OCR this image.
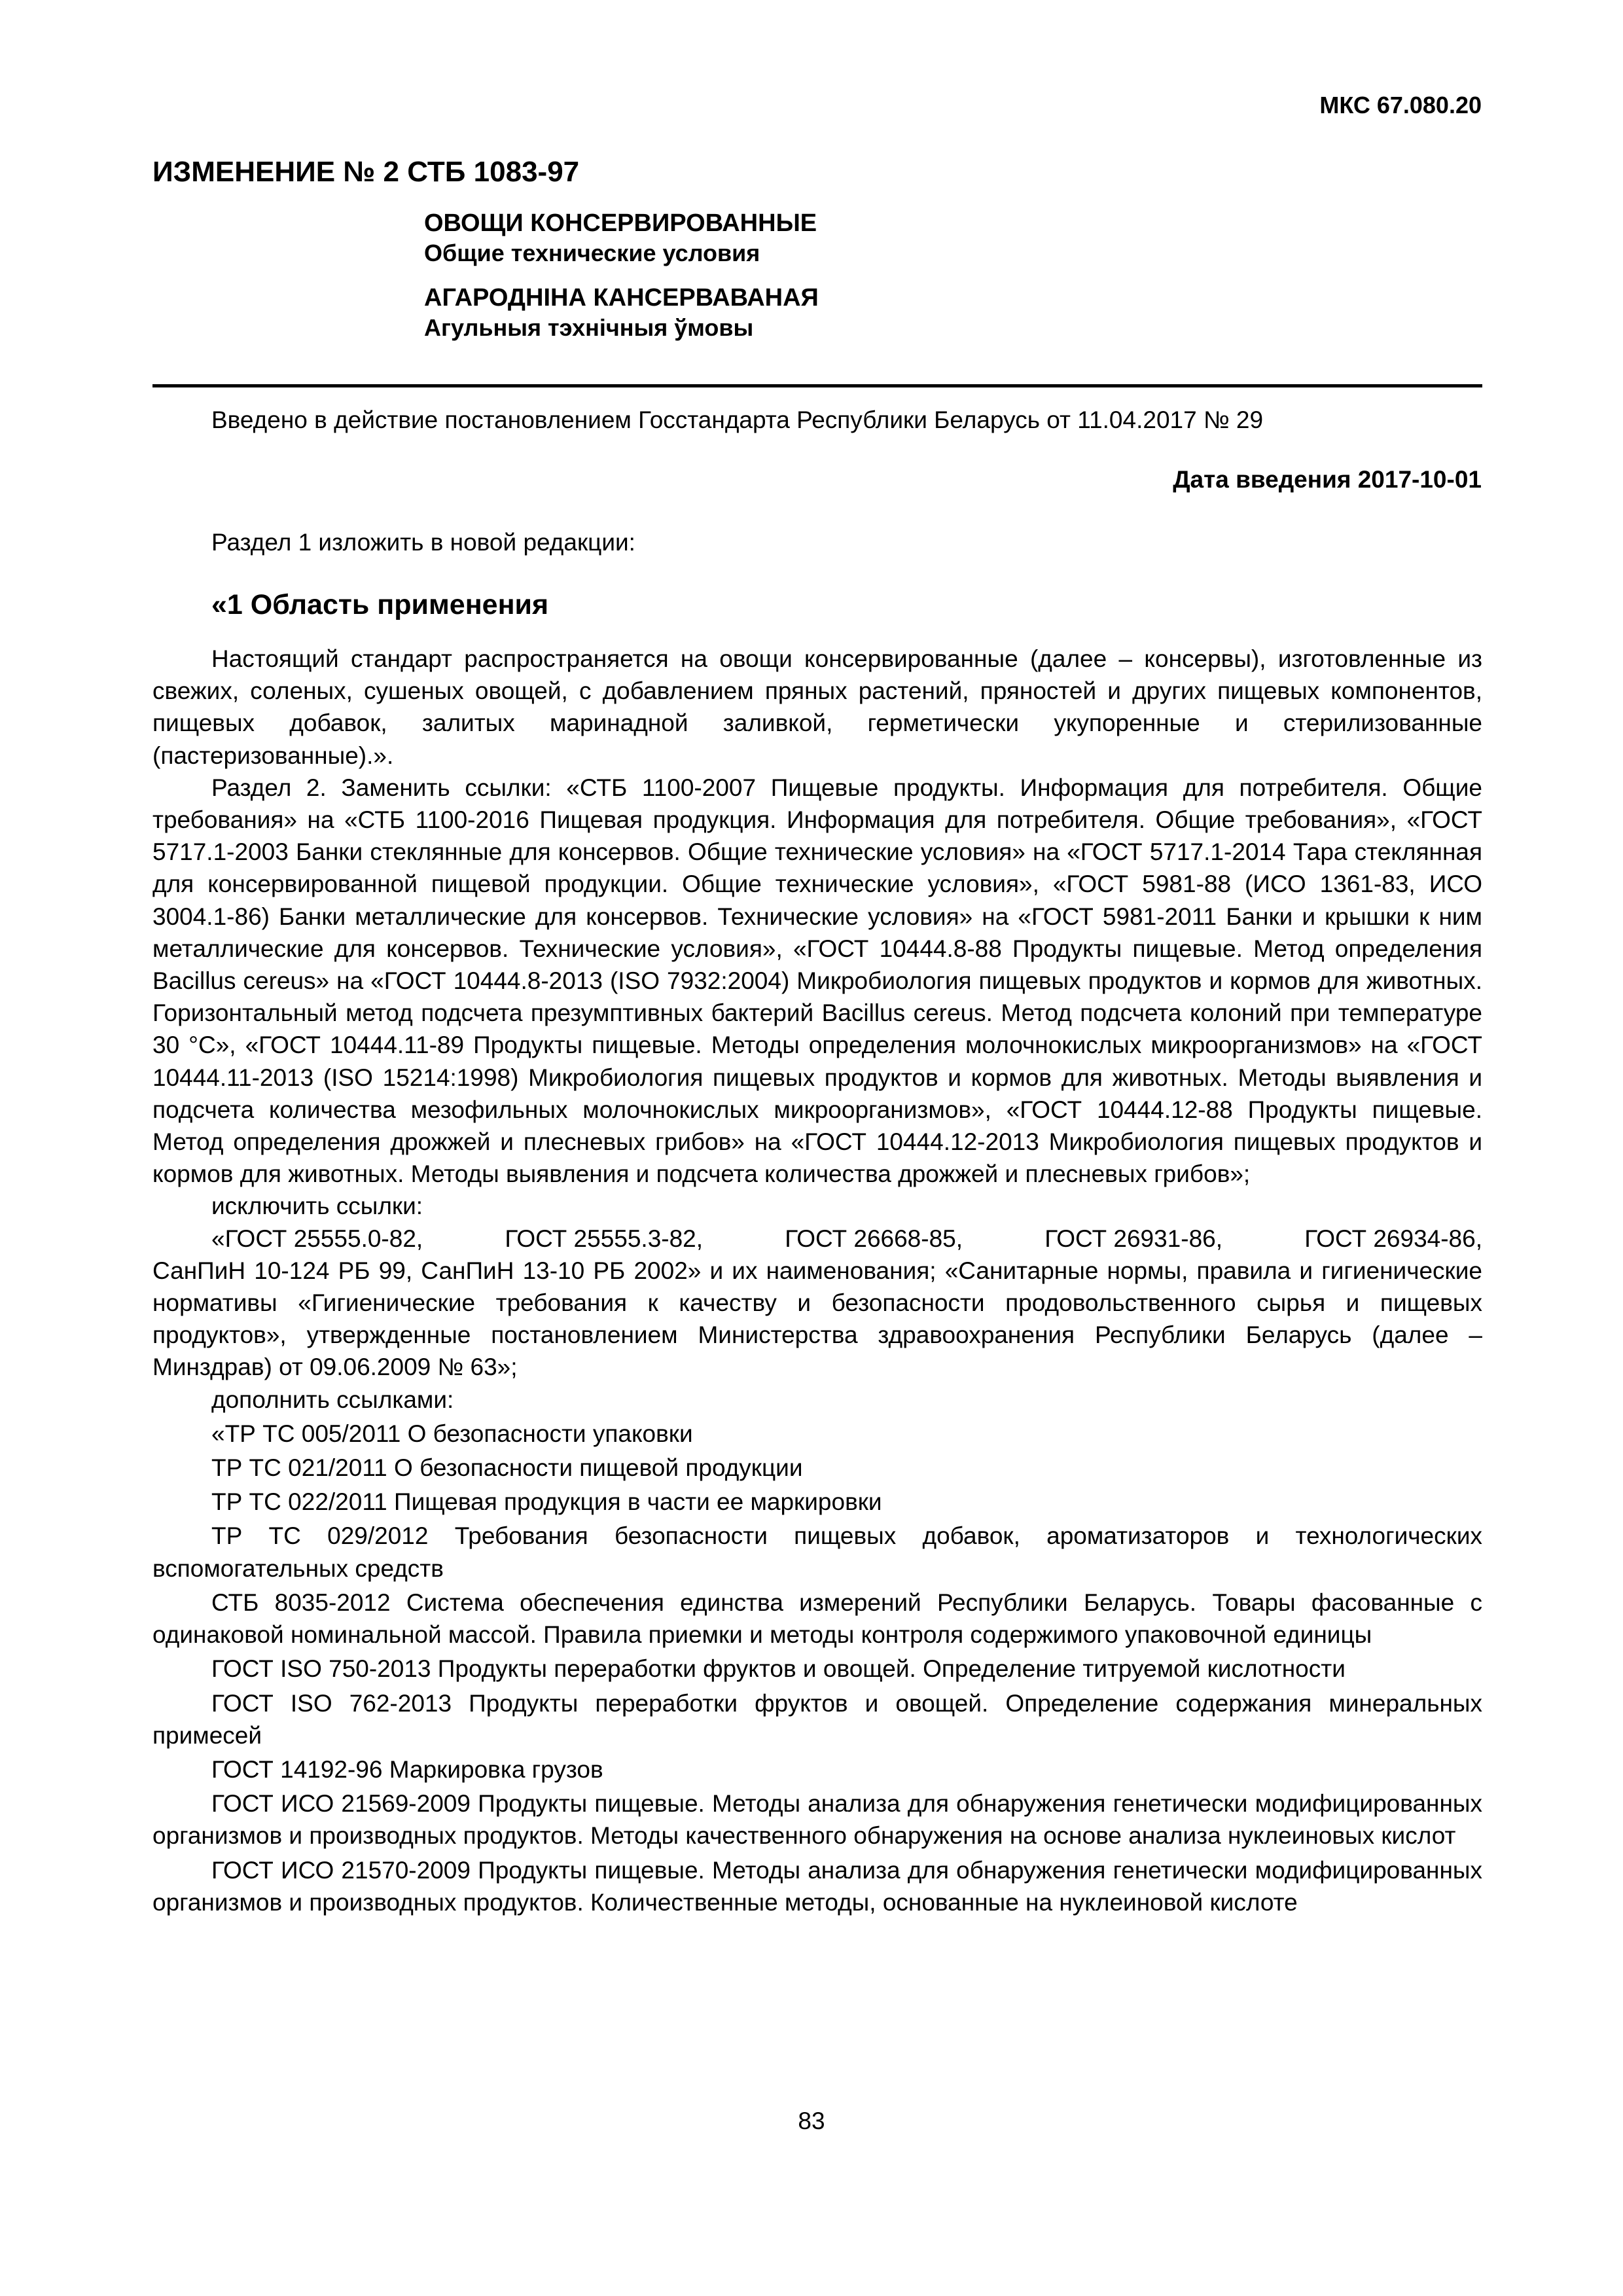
МКС 67.080.20
ИЗМЕНЕНИЕ № 2 СТБ 1083-97
ОВОЩИ КОНСЕРВИРОВАННЫЕ
Общие технические условия
АГАРОДНІНА КАНСЕРВАВАНАЯ
Агульныя тэхнічныя ўмовы
Введено в действие постановлением Госстандарта Республики Беларусь от 11.04.2017 № 29
Дата введения 2017-10-01
Раздел 1 изложить в новой редакции:
«1 Область применения

Настоящий стандарт распространяется на овощи консервированные (далее – консервы), изготовленные из свежих, соленых, сушеных овощей, с добавлением пряных растений, пряностей и других пищевых компонентов, пищевых добавок, залитых маринадной заливкой, герметически укупоренные и стерилизованные (пастеризованные).».

Раздел 2. Заменить ссылки: «СТБ 1100-2007 Пищевые продукты. Информация для потребителя. Общие требования» на «СТБ 1100-2016 Пищевая продукция. Информация для потребителя. Общие требования», «ГОСТ 5717.1-2003 Банки стеклянные для консервов. Общие технические условия» на «ГОСТ 5717.1-2014 Тара стеклянная для консервированной пищевой продукции. Общие технические условия», «ГОСТ 5981-88 (ИСО 1361-83, ИСО 3004.1-86) Банки металлические для консервов. Технические условия» на «ГОСТ 5981-2011 Банки и крышки к ним металлические для консервов. Технические условия», «ГОСТ 10444.8-88 Продукты пищевые. Метод определения Bacillus cereus» на «ГОСТ 10444.8-2013 (ISO 7932:2004) Микробиология пищевых продуктов и кормов для животных. Горизонтальный метод подсчета презумптивных бактерий Bacillus cereus. Метод подсчета колоний при температуре 30 °С», «ГОСТ 10444.11-89 Продукты пищевые. Методы определения молочнокислых микроорганизмов» на «ГОСТ 10444.11-2013 (ISO 15214:1998) Микробиология пищевых продуктов и кормов для животных. Методы выявления и подсчета количества мезофильных молочнокислых микроорганизмов», «ГОСТ 10444.12-88 Продукты пищевые. Метод определения дрожжей и плесневых грибов» на «ГОСТ 10444.12-2013 Микробиология пищевых продуктов и кормов для животных. Методы выявления и подсчета количества дрожжей и плесневых грибов»;

исключить ссылки:

«ГОСТ 25555.0-82,	ГОСТ 25555.3-82,	ГОСТ 26668-85,	ГОСТ 26931-86,	ГОСТ 26934-86,

СанПиН 10-124 РБ 99, СанПиН 13-10 РБ 2002» и их наименования; «Санитарные нормы, правила и гигиенические нормативы «Гигиенические требования к качеству и безопасности продовольственного сырья и пищевых продуктов», утвержденные постановлением Министерства здравоохранения Республики Беларусь (далее – Минздрав) от 09.06.2009 № 63»;

дополнить ссылками:

«ТР ТС 005/2011 О безопасности упаковки

ТР ТС 021/2011 О безопасности пищевой продукции

ТР ТС 022/2011 Пищевая продукция в части ее маркировки

ТР ТС 029/2012 Требования безопасности пищевых добавок, ароматизаторов и технологических вспомогательных средств

СТБ 8035-2012 Система обеспечения единства измерений Республики Беларусь. Товары фасованные с одинаковой номинальной массой. Правила приемки и методы контроля содержимого упаковочной единицы

ГОСТ ISO 750-2013 Продукты переработки фруктов и овощей. Определение титруемой кислотности

ГОСТ ISO 762-2013 Продукты переработки фруктов и овощей. Определение содержания минеральных примесей

ГОСТ 14192-96 Маркировка грузов

ГОСТ ИСО 21569-2009 Продукты пищевые. Методы анализа для обнаружения генетически модифицированных организмов и производных продуктов. Методы качественного обнаружения на основе анализа нуклеиновых кислот

ГОСТ ИСО 21570-2009 Продукты пищевые. Методы анализа для обнаружения генетически модифицированных организмов и производных продуктов. Количественные методы, основанные на нуклеиновой кислоте

83
